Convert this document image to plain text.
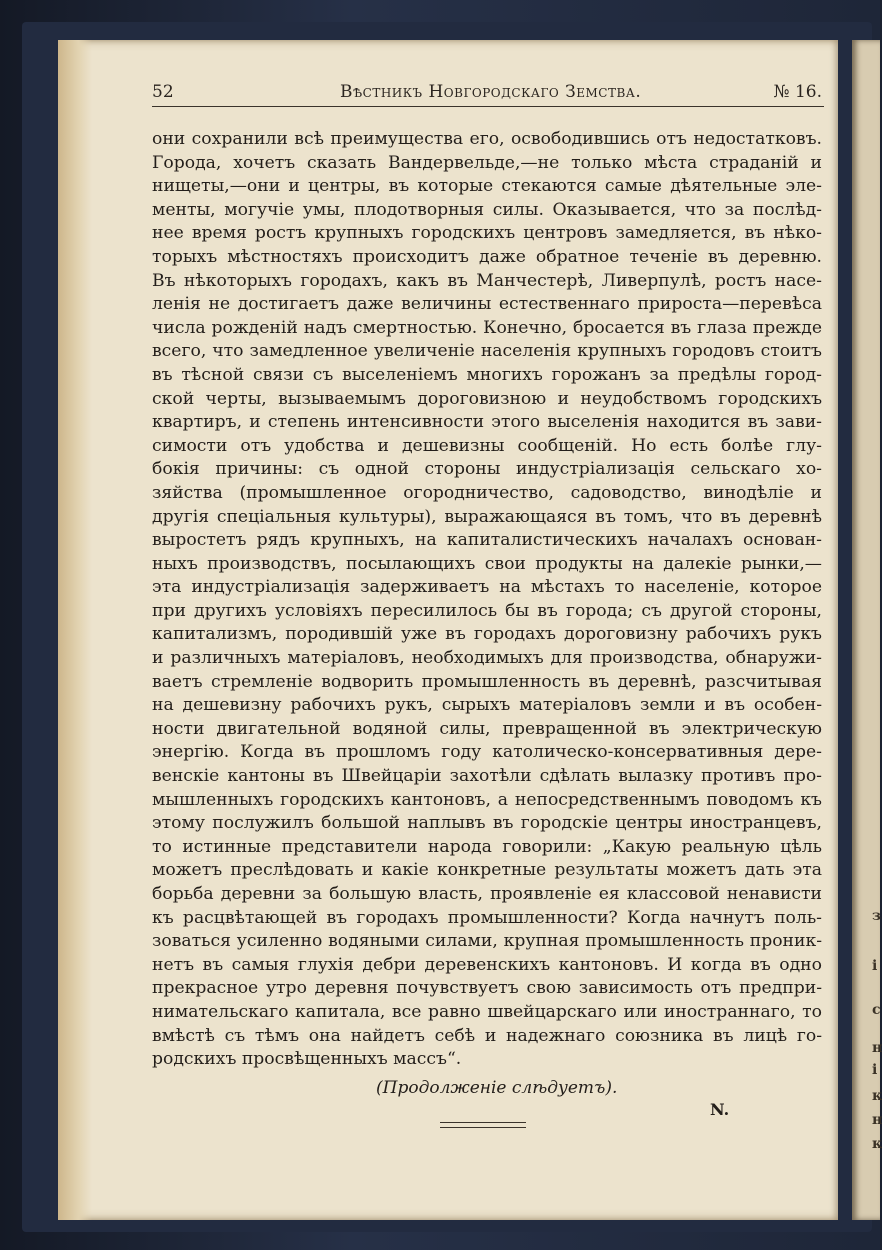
з
і
с
н
і
к
н
к
52	Вѣстникъ Новгородскаго Земства.	№ 16.
они сохранили всѣ преимущества его, освободившись отъ недостатковъ.
Города, хочетъ сказать Вандервельде,—не только мѣста страданій и
нищеты,—они и центры, въ которые стекаются самые дѣятельные эле-
менты, могучіе умы, плодотворныя силы. Оказывается, что за послѣд-
нее время ростъ крупныхъ городскихъ центровъ замедляется, въ нѣко-
торыхъ мѣстностяхъ происходитъ даже обратное теченіе въ деревню.
Въ нѣкоторыхъ городахъ, какъ въ Манчестерѣ, Ливерпулѣ, ростъ насе-
ленія не достигаетъ даже величины естественнаго прироста—перевѣса
числа рожденій надъ смертностью. Конечно, бросается въ глаза прежде
всего, что замедленное увеличеніе населенія крупныхъ городовъ стоитъ
въ тѣсной связи съ выселеніемъ многихъ горожанъ за предѣлы город-
ской черты, вызываемымъ дороговизною и неудобствомъ городскихъ
квартиръ, и степень интенсивности этого выселенія находится въ зави-
симости отъ удобства и дешевизны сообщеній. Но есть болѣе глу-
бокія причины: съ одной стороны индустріализація сельскаго хо-
зяйства (промышленное огородничество, садоводство, винодѣліе и
другія спеціальныя культуры), выражающаяся въ томъ, что въ деревнѣ
выростетъ рядъ крупныхъ, на капиталистическихъ началахъ основан-
ныхъ производствъ, посылающихъ свои продукты на далекіе рынки,—
эта индустріализація задерживаетъ на мѣстахъ то населеніе, которое
при другихъ условіяхъ пересилилось бы въ города; съ другой стороны,
капитализмъ, породившій уже въ городахъ дороговизну рабочихъ рукъ
и различныхъ матеріаловъ, необходимыхъ для производства, обнаружи-
ваетъ стремленіе водворить промышленность въ деревнѣ, разсчитывая
на дешевизну рабочихъ рукъ, сырыхъ матеріаловъ земли и въ особен-
ности двигательной водяной силы, превращенной въ электрическую
энергію. Когда въ прошломъ году католическо-консервативныя дере-
венскіе кантоны въ Швейцаріи захотѣли сдѣлать вылазку противъ про-
мышленныхъ городскихъ кантоновъ, а непосредственнымъ поводомъ къ
этому послужилъ большой наплывъ въ городскіе центры иностранцевъ,
то истинные представители народа говорили: „Какую реальную цѣль
можетъ преслѣдовать и какіе конкретные результаты можетъ дать эта
борьба деревни за большую власть, проявленіе ея классовой ненависти
къ расцвѣтающей въ городахъ промышленности? Когда начнутъ поль-
зоваться усиленно водяными силами, крупная промышленность проник-
нетъ въ самыя глухія дебри деревенскихъ кантоновъ. И когда въ одно
прекрасное утро деревня почувствуетъ свою зависимость отъ предпри-
нимательскаго капитала, все равно швейцарскаго или иностраннаго, то
вмѣстѣ съ тѣмъ она найдетъ себѣ и надежнаго союзника въ лицѣ го-
родскихъ просвѣщенныхъ массъ“.
(Продолженіе слѣдуетъ).
N.
